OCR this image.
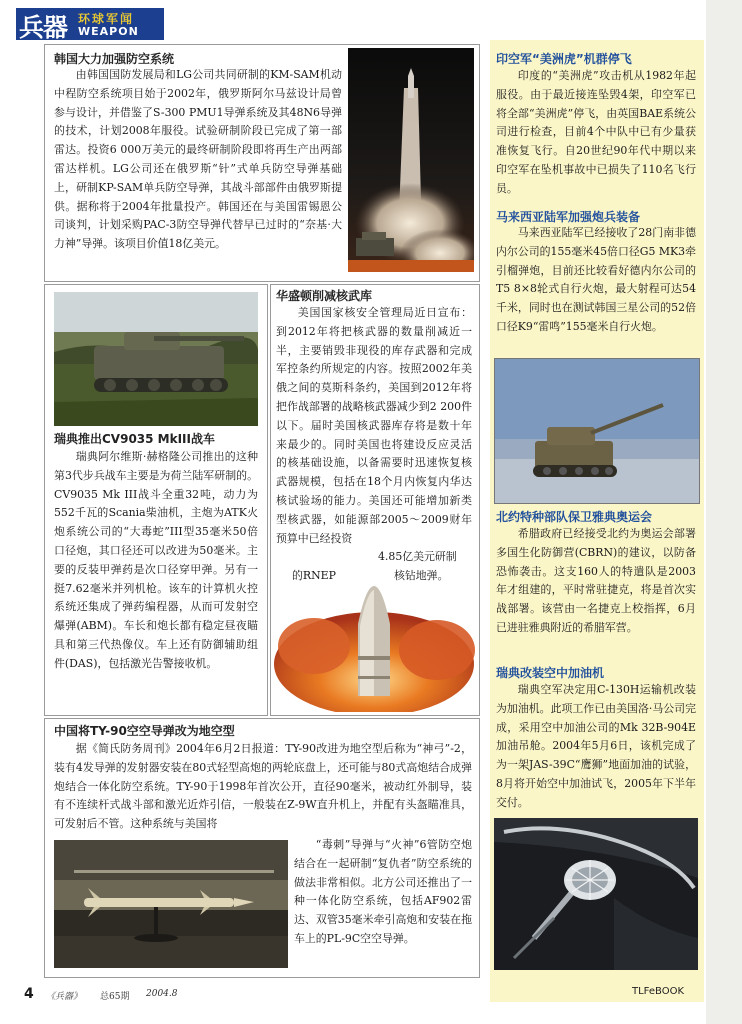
兵器 环球军闻
WEAPON
韩国大力加强防空系统

由韩国国防发展局和LG公司共同研制的KM-SAM机动中程防空系统项目始于2002年，俄罗斯阿尔马兹设计局曾参与设计，并借鉴了S-300 PMU1导弹系统及其48N6导弹的技术，计划2008年服役。试验研制阶段已完成了第一部雷达。投资6 000万美元的最终研制阶段即将再生产出两部雷达样机。LG公司还在俄罗斯“针”式单兵防空导弹基础上，研制KP-SAM单兵防空导弹，其战斗部部件由俄罗斯提供。据称将于2004年批量投产。韩国还在与美国雷锡恩公司谈判，计划采购PAC-3防空导弹代替早已过时的“奈基·大力神”导弹。该项目价值18亿美元。

瑞典推出CV9035 MkIII战车

瑞典阿尔维斯·赫格隆公司推出的这种第3代步兵战车主要是为荷兰陆军研制的。CV9035 Mk III战斗全重32吨，动力为552千瓦的Scania柴油机，主炮为ATK火炮系统公司的“大毒蛇”III型35毫米50倍口径炮，其口径还可以改进为50毫米。主要的反装甲弹药是次口径穿甲弹。另有一挺7.62毫米并列机枪。该车的计算机火控系统还集成了弹药编程器，从而可发射空爆弹(ABM)。车长和炮长都有稳定昼夜瞄具和第三代热像仪。车上还有防御辅助组件(DAS)，包括激光告警接收机。

华盛顿削减核武库

美国国家核安全管理局近日宣布：到2012年将把核武器的数量削减近一半，主要销毁非现役的库存武器和完成军控条约所规定的内容。按照2002年美俄之间的莫斯科条约，美国到2012年将把作战部署的战略核武器减少到2 200件以下。届时美国核武器库存将是数十年来最少的。同时美国也将建设反应灵活的核基础设施，以备需要时迅速恢复核武器规模，包括在18个月内恢复内华达核试验场的能力。美国还可能增加新类型核武器，如能源部2005～2009财年预算中已经投资

4.85亿美元研制
的RNEP	核钻地弹。
中国将TY-90空空导弹改为地空型

据《简氏防务周刊》2004年6月2日报道：TY-90改进为地空型后称为“神弓”-2，装有4发导弹的发射器安装在80式轻型高炮的两轮底盘上，还可能与80式高炮结合成弹炮结合一体化防空系统。TY-90于1998年首次公开，直径90毫米，被动红外制导，装有不连续杆式战斗部和激光近炸引信，一般装在Z-9W直升机上，并配有头盔瞄准具，可发射后不管。这种系统与美国将

“毒刺”导弹与“火神”6管防空炮结合在一起研制“复仇者”防空系统的做法非常相似。北方公司还推出了一种一体化防空系统，包括AF902雷达、双管35毫米牵引高炮和安装在拖车上的PL-9C空空导弹。

印空军“美洲虎”机群停飞

印度的“美洲虎”攻击机从1982年起服役。由于最近接连坠毁4架，印空军已将全部“美洲虎”停飞，由英国BAE系统公司进行检查，目前4个中队中已有少量获准恢复飞行。自20世纪90年代中期以来印空军在坠机事故中已损失了110名飞行员。

马来西亚陆军加强炮兵装备

马来西亚陆军已经接收了28门南非德内尔公司的155毫米45倍口径G5 MK3牵引榴弹炮，目前还比较看好德内尔公司的T5 8×8轮式自行火炮，最大射程可达54千米，同时也在测试韩国三星公司的52倍口径K9“雷鸣”155毫米自行火炮。

北约特种部队保卫雅典奥运会

希腊政府已经接受北约为奥运会部署多国生化防御营(CBRN)的建议，以防备恐怖袭击。这支160人的特遣队是2003年才组建的，平时常驻捷克，将是首次实战部署。该营由一名捷克上校指挥，6月已进驻雅典附近的希腊军营。

瑞典改装空中加油机

瑞典空军决定用C-130H运输机改装为加油机。此项工作已由美国洛·马公司完成，采用空中加油公司的Mk 32B-904E加油吊舱。2004年5月6日，该机完成了为一架JAS-39C“鹰狮”地面加油的试验，8月将开始空中加油试飞，2005年下半年交付。

4 《兵器》 总65期 2004.8	TLFeBOOK
